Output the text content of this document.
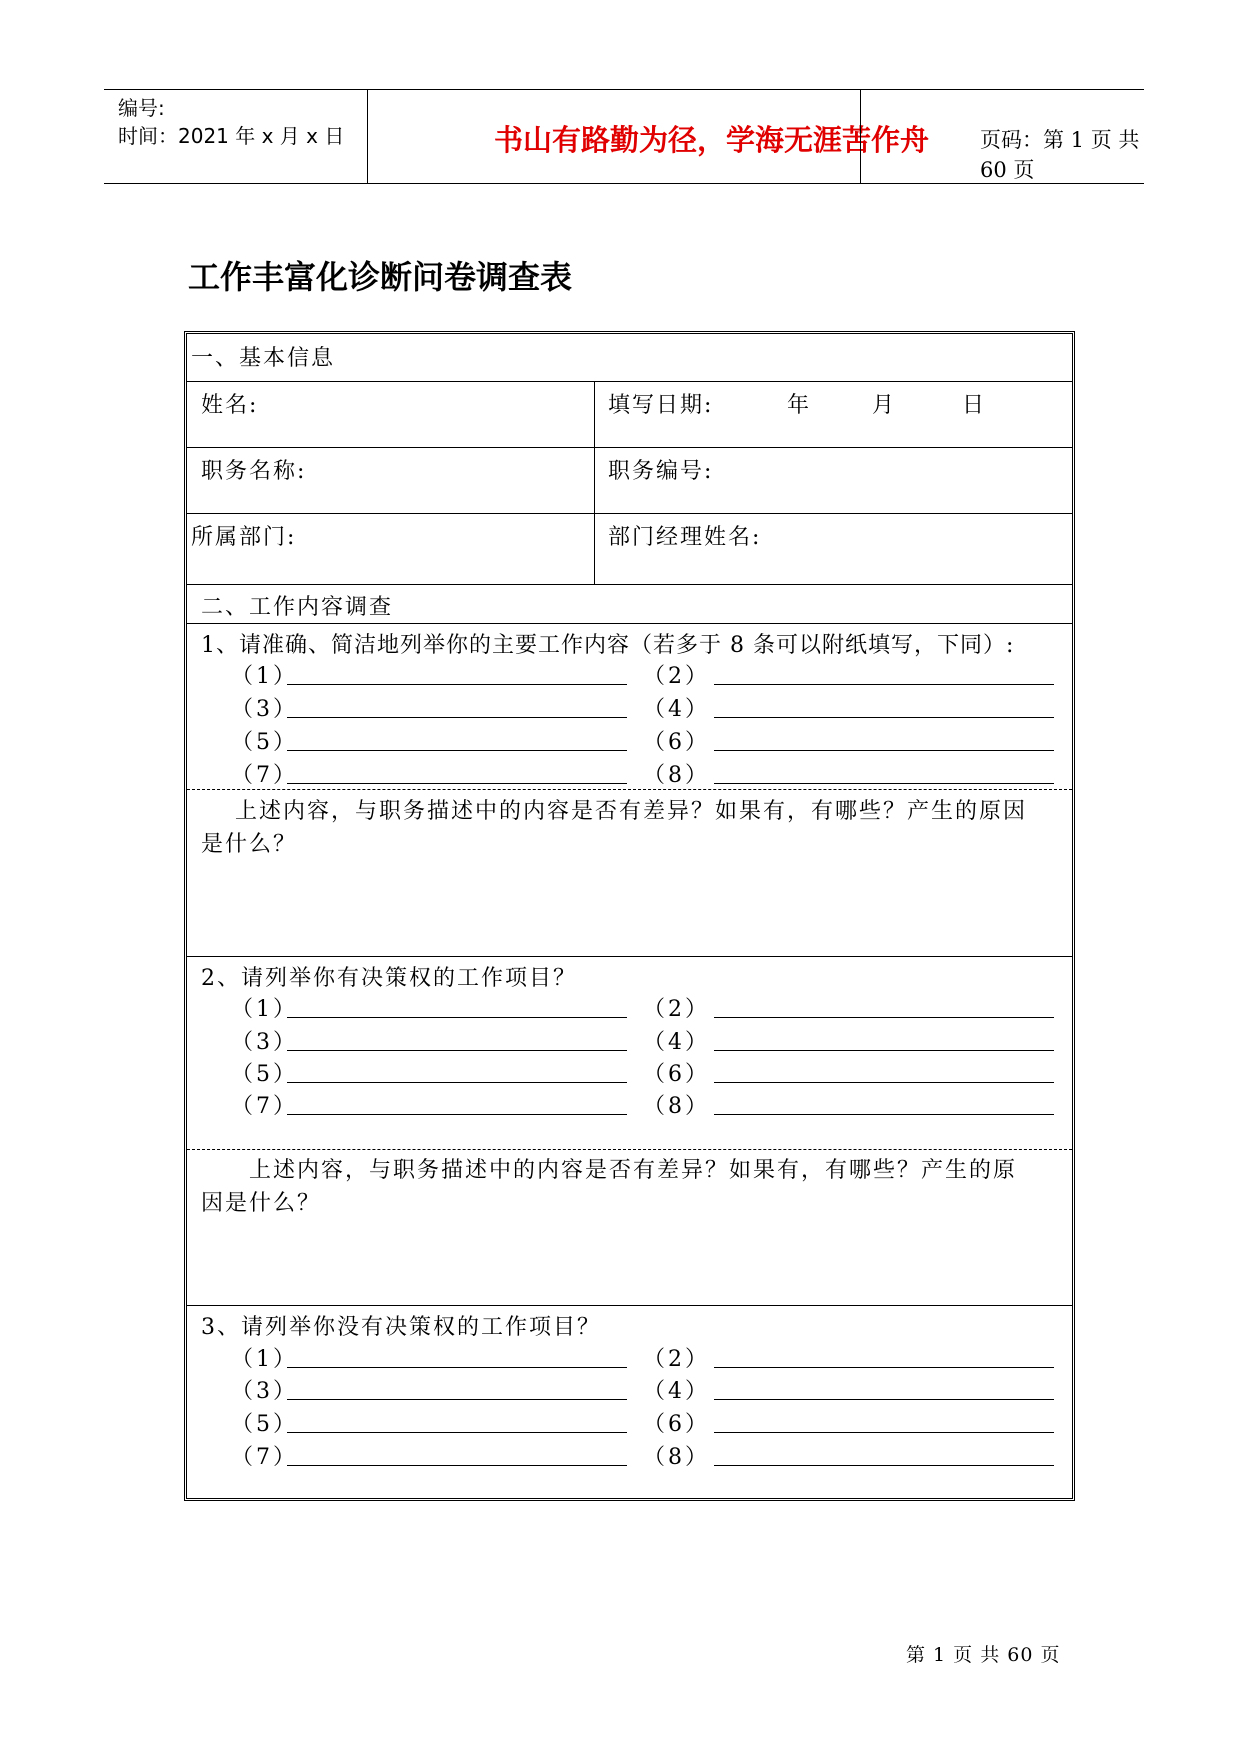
编号:
时间：2021 年 x 月 x 日	书山有路勤为径，学海无涯苦作舟	页码：第 1 页 共 60 页
工作丰富化诊断问卷调查表
一、基本信息
姓名:	填写日期:	年	月	日
职务名称:	职务编号:
所属部门:	部门经理姓名:
二、工作内容调查
1、请准确、简洁地列举你的主要工作内容（若多于 8 条可以附纸填写，下同）:
（1）	（2）
（3）	（4）
（5）	（6）
（7）	（8）
上述内容，与职务描述中的内容是否有差异？如果有，有哪些？产生的原因
是什么？
2、请列举你有决策权的工作项目？
（1）	（2）
（3）	（4）
（5）	（6）
（7）	（8）
上述内容，与职务描述中的内容是否有差异？如果有，有哪些？产生的原
因是什么？
3、请列举你没有决策权的工作项目？
（1）	（2）
（3）	（4）
（5）	（6）
（7）	（8）
第 1 页 共 60 页
